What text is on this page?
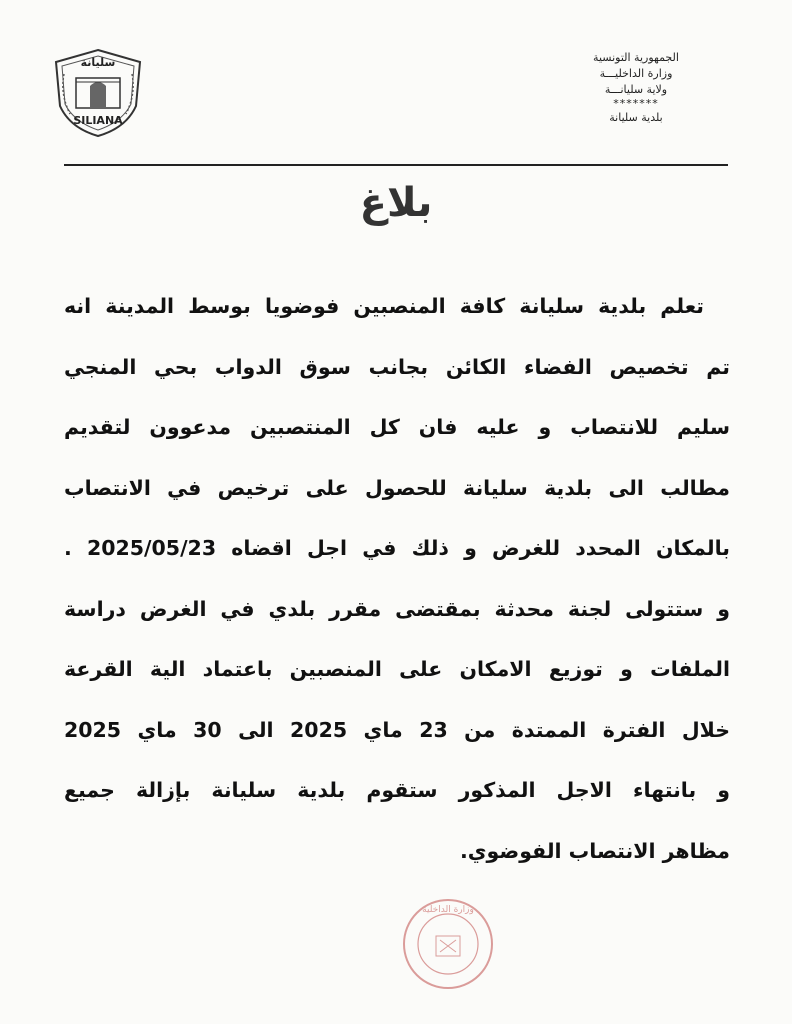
سليانة
SILIANA
الجمهورية التونسية
وزارة الداخليـــة
ولاية سليانـــة
*******
بلدية سليانة
بلاغ
تعلم بلدية سليانة كافة المنصبين فوضويا بوسط المدينة انه
تم تخصيص الفضاء الكائن بجانب سوق الدواب بحي المنجي
سليم للانتصاب و عليه فان كل المنتصبين مدعوون لتقديم
مطالب الى بلدية سليانة للحصول على ترخيص في الانتصاب
بالمكان المحدد للغرض و ذلك في اجل اقضاه 2025/05/23 .
و ستتولى لجنة محدثة بمقتضى مقرر بلدي في الغرض دراسة
الملفات و توزيع الامكان على المنصبين باعتماد الية القرعة
خلال الفترة الممتدة من 23 ماي 2025 الى 30 ماي 2025
و بانتهاء الاجل المذكور ستقوم بلدية سليانة بإزالة جميع
مظاهر الانتصاب الفوضوي.
وزارة الداخلية
